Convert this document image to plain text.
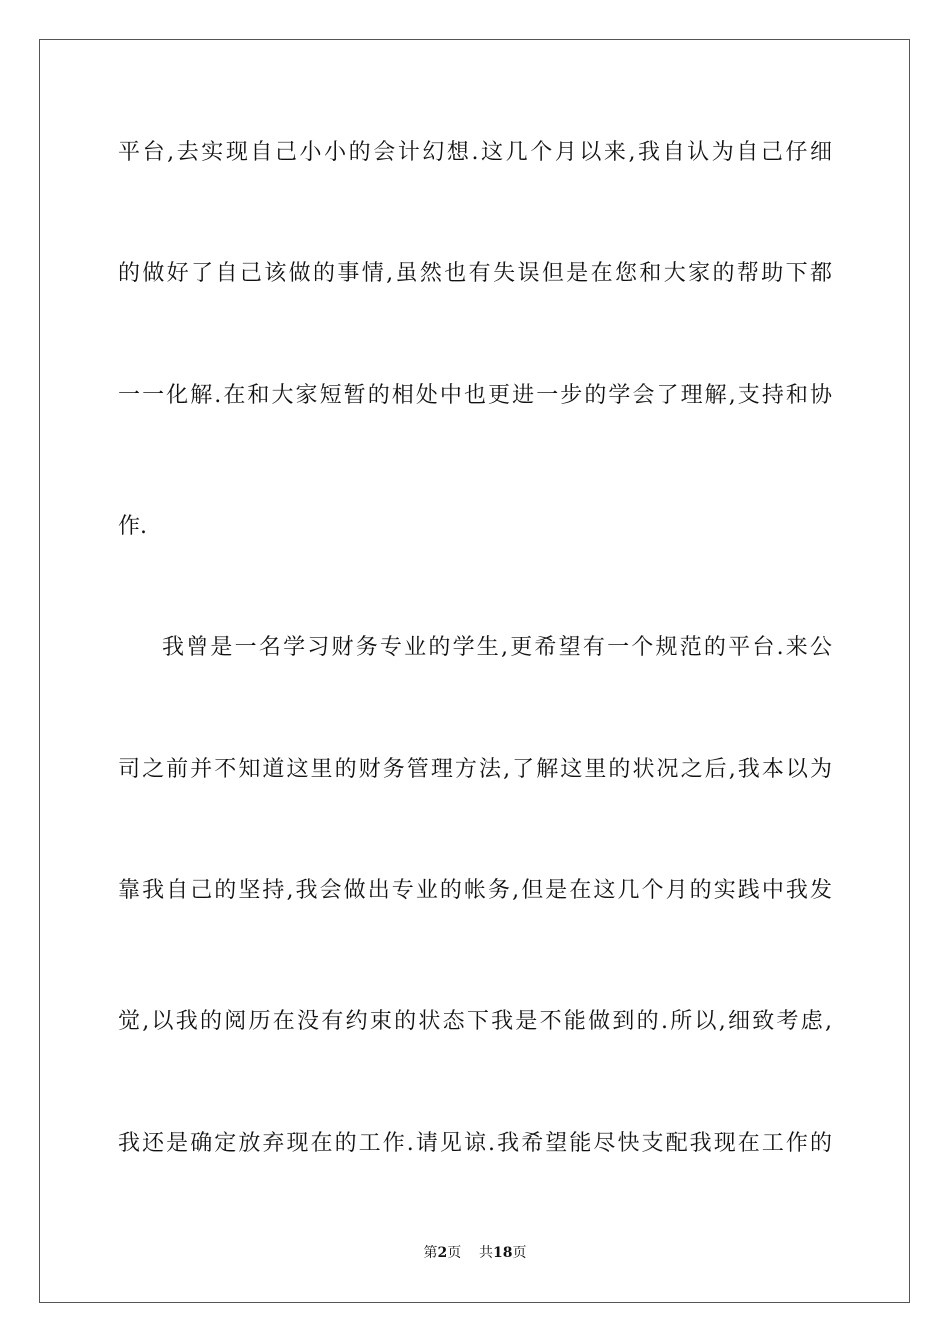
平台,去实现自己小小的会计幻想.这几个月以来,我自认为自己仔细
的做好了自己该做的事情,虽然也有失误但是在您和大家的帮助下都
一一化解.在和大家短暂的相处中也更进一步的学会了理解,支持和协
作.
我曾是一名学习财务专业的学生,更希望有一个规范的平台.来公
司之前并不知道这里的财务管理方法,了解这里的状况之后,我本以为
靠我自己的坚持,我会做出专业的帐务,但是在这几个月的实践中我发
觉,以我的阅历在没有约束的状态下我是不能做到的.所以,细致考虑,
我还是确定放弃现在的工作.请见谅.我希望能尽快支配我现在工作的
第2页 共18页
